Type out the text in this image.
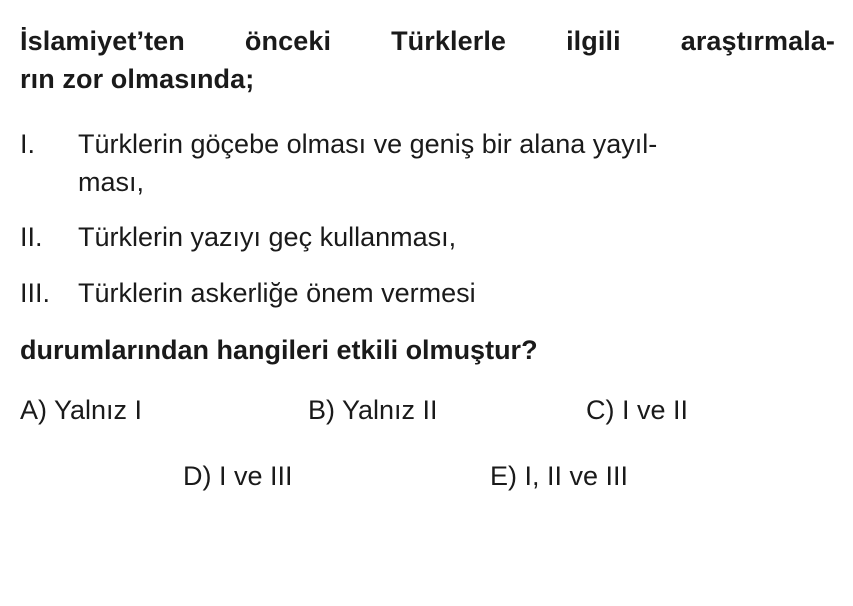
İslamiyet’ten önceki Türklerle ilgili araştırmala-
rın zor olmasında;
I.	Türklerin göçebe olması ve geniş bir alana yayıl-
ması,
II.	Türklerin yazıyı geç kullanması,
III.	Türklerin askerliğe önem vermesi
durumlarından hangileri etkili olmuştur?
A) Yalnız I	B) Yalnız II	C) I ve II
D) I ve III	E) I, II ve III
